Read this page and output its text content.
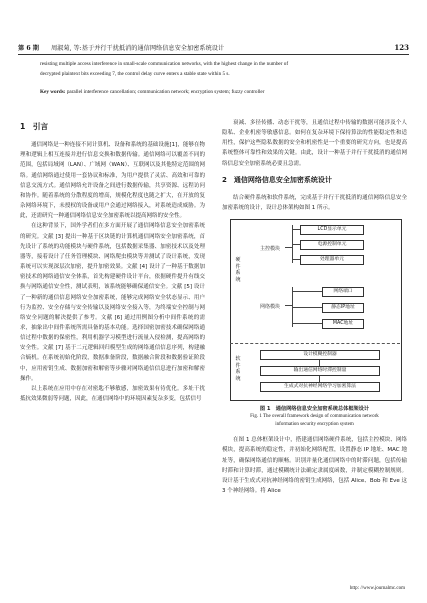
第 6 期 周淑菊, 等:基于并行干扰抵消的通信网络信息安全加密系统设计	123
resisting multiple access interference in small-scale communication networks, with the highest change in the number of
decrypted plaintext bits exceeding 7, the control delay curve enters a stable state within 5 s.
Key words: parallel interference cancellation; communication network; encryption system; fuzzy controller
1　引言

通信网络是一种连接不同计算机、设备和系统的基础设施[1]，能够在物理和逻辑上相互连接并进行信息交换和数据传输。通信网络可以覆盖不同的范围，包括局域网（LAN）、广域网（WAN）、互联网以及其他特定范围的网络。通信网络通过使用一套协议和标准，为用户提供了灵活、高效和可靠的信息交流方式。通信网络允许设备之间进行数据传输，共享资源、远程访问和协作。随着系统的分散程度的增高，规模化程度也随之扩大，在开放的复杂网络环境下，未授权的设备或用户会通过网络接入，对系统造成威胁。为此，还需研究一种通信网络信息安全加密系统以提高网络的安全性。

在这种背景下，国外学者们在多方面开展了通信网络信息安全加密系统的研究。文献 [3] 提出一种基于区块链的计算机通信网络安全加密系统，首先设计了系统的功能模块与硬件系统，包括数据采集器、加密技术以及处理器等，接着设计了任务管理模块、网络爬虫模块等并测试了设计系统，发现系统可以实现深层次加密，提升加密效果。文献 [4] 设计了一种基于数据加密技术的网络通信安全体系，首先构建硬件设计平台，依据硬件提升有线交换与网络通信安全性，测试表明，该系统能够确保通信安全。文献 [5] 设计了一种新的通信信息网络安全加密系统，能够完成网络安全状态显示、用户行为监控、安全存储与安全传输以及网络安全接入等，为终端安全控制与网络安全问题的解决提供了参考。文献 [6] 通过用例图分析中间件系统的需求，抽象出中间件系统所需具备的基本功能。选择国密加密技术确保网络通信过程中数据的保密性，利用机器学习模型进行流量入侵检测，提高网络的安全性。文献 [7] 基于二元逻辑回归模型生成的网络通信信息序列，构建融合熵机。在系统初始化阶段，数据准备阶段，数据融合阶段和数据验证阶段中，应用密钥生成、数据加密和解密等步骤对网络通信信息进行加密和解密操作。

以上系统在应用中存在对密匙不够敏感，加密效果有待优化。多址干扰抵抗效果微弱等问题，因此，在通信网络中的环境因素复杂多变，包括信号

衰减、多径传播、动态干扰等，且通信过程中传输的数据可能涉及个人隐私、企业机密等敏感信息。如何在复杂环境下保持算法的性能稳定性和适用性，保护这些隐私数据的安全和机密性是一个重要的研究方向，也是提高系统整体可靠性和效果的关键。由此，设计一种基于并行干扰抵消的通信网络信息安全加密系统必要且急需。

2　通信网络信息安全加密系统设计

结合硬件系统和软件系统，完成基于并行干扰抵消的通信网络信息安全加密系统的设计，设计总体架构如图 1 所示。

硬件系统
软件系统
主控模块
网络模块
LCD显示单元
电源控制单元
处理器单元
网络端口
静态IP地址
MAC地址
设计模糊控制器
输出通信网络时滞控制量
生成式对抗神经网络学习加密算法
图 1　通信网络信息安全加密系统总体框架设计
Fig. 1 The overall framework design of communication network
information security encryption system

在图 1 总体框架设计中，搭建通信网络硬件系统，包括主控模块、网络模块，提高系统的稳定性，并初始化网络配置，设置静态 IP 地址、MAC 地址等，确保网络通信的顺畅。识别并量化通信网络中的时滞问题，包括传输时滞和计算时滞，通过模糊统计法确定隶属度函数，并制定模糊控制规则。设计基于生成式对抗神经网络的密钥生成网络，包括 Alice、Bob 和 Eve 这 3 个神经网络。将 Alice

http: //www.journalmc.com
